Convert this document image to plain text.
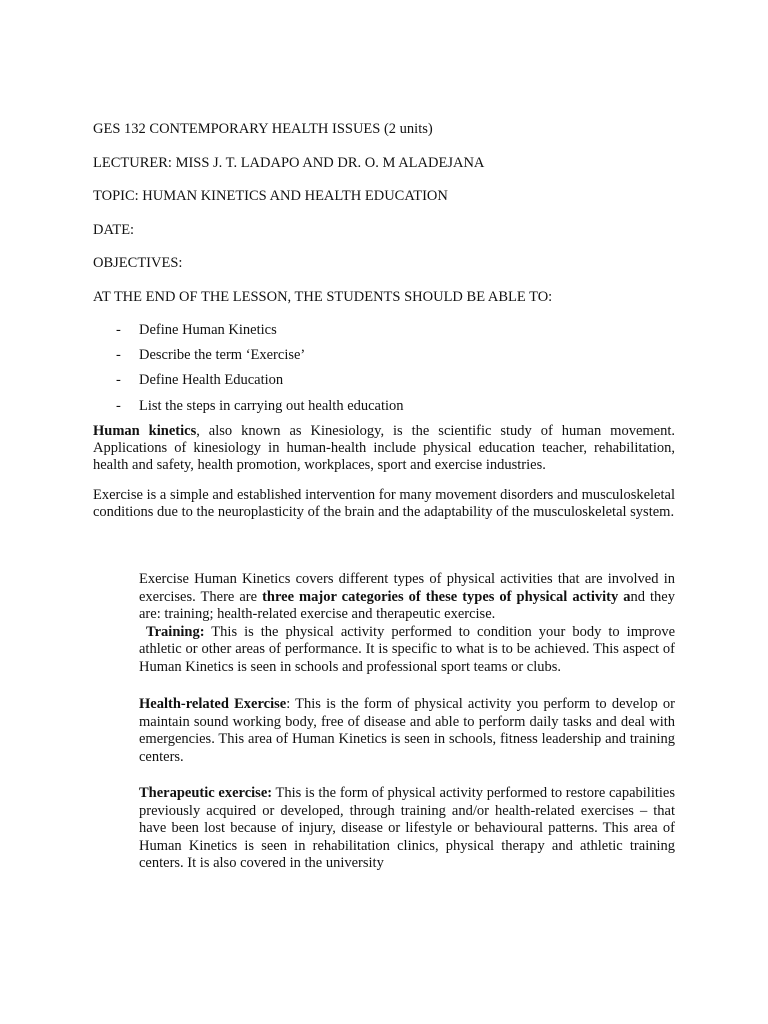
GES 132 CONTEMPORARY HEALTH ISSUES (2 units)
LECTURER: MISS J. T. LADAPO AND DR. O. M ALADEJANA
TOPIC: HUMAN KINETICS AND HEALTH EDUCATION
DATE:
OBJECTIVES:
AT THE END OF THE LESSON, THE STUDENTS SHOULD BE ABLE TO:
- Define Human Kinetics
- Describe the term ‘Exercise’
- Define Health Education
- List the steps in carrying out health education

Human kinetics, also known as Kinesiology, is the scientific study of human movement. Applications of kinesiology in human-health include physical education teacher, rehabilitation, health and safety, health promotion, workplaces, sport and exercise industries.

Exercise is a simple and established intervention for many movement disorders and musculoskeletal conditions due to the neuroplasticity of the brain and the adaptability of the musculoskeletal system.

Exercise Human Kinetics covers different types of physical activities that are involved in exercises. There are three major categories of these types of physical activity and they are: training; health-related exercise and therapeutic exercise.
Training: This is the physical activity performed to condition your body to improve athletic or other areas of performance. It is specific to what is to be achieved. This aspect of Human Kinetics is seen in schools and professional sport teams or clubs.

Health-related Exercise: This is the form of physical activity you perform to develop or maintain sound working body, free of disease and able to perform daily tasks and deal with emergencies. This area of Human Kinetics is seen in schools, fitness leadership and training centers.

Therapeutic exercise: This is the form of physical activity performed to restore capabilities previously acquired or developed, through training and/or health-related exercises – that have been lost because of injury, disease or lifestyle or behavioural patterns. This area of Human Kinetics is seen in rehabilitation clinics, physical therapy and athletic training centers. It is also covered in the university
